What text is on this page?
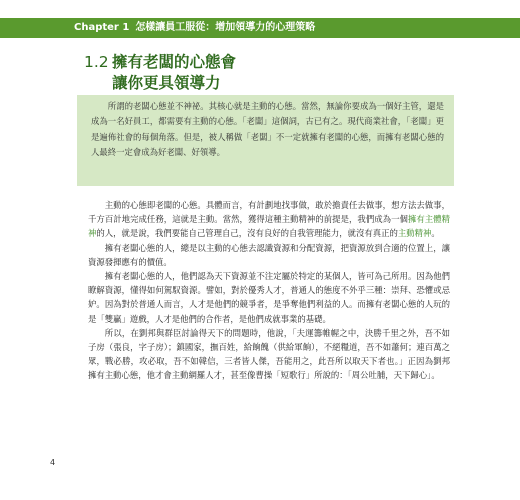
Chapter 1 怎樣讓員工服從：增加領導力的心理策略
1.2 擁有老闆的心態會
讓你更具領導力

所謂的老闆心態並不神祕。其核心就是主動的心態。當然，無論你要成為一個好主管，還是成為一名好員工，都需要有主動的心態。「老闆」這個詞，古已有之。現代商業社會，「老闆」更是遍佈社會的每個角落。但是，被人稱做「老闆」不一定就擁有老闆的心態，而擁有老闆心態的人最終一定會成為好老闆、好領導。

主動的心態即老闆的心態。具體而言，有計劃地找事做，敢於擔責任去做事，想方法去做事，千方百計地完成任務，這就是主動。當然，獲得這種主動精神的前提是，我們成為一個擁有主體精神的人，就是說，我們要能自己管理自己，沒有良好的自我管理能力，就沒有真正的主動精神。

擁有老闆心態的人，總是以主動的心態去認識資源和分配資源，把資源放到合適的位置上，讓資源發揮應有的價值。

擁有老闆心態的人，他們認為天下資源並不注定屬於特定的某個人，皆可為己所用。因為他們瞭解資源，懂得如何駕馭資源。譬如，對於優秀人才，普通人的態度不外乎三種：崇拜、恐懼或忌妒。因為對於普通人而言，人才是他們的競爭者，是爭奪他們利益的人。而擁有老闆心態的人玩的是「雙贏」遊戲，人才是他們的合作者，是他們成就事業的基礎。

所以，在劉邦與群臣討論得天下的問題時，他說，「夫運籌帷幄之中，決勝千里之外，吾不如子房（張良，字子房）；鎮國家，撫百姓，給餉餽（供給軍餉），不絕糧道，吾不如蕭何；連百萬之眾，戰必勝，攻必取，吾不如韓信，三者皆人傑，吾能用之，此吾所以取天下者也。」正因為劉邦擁有主動心態，他才會主動網羅人才，甚至像曹操「短歌行」所說的：「周公吐脯，天下歸心」。

4
